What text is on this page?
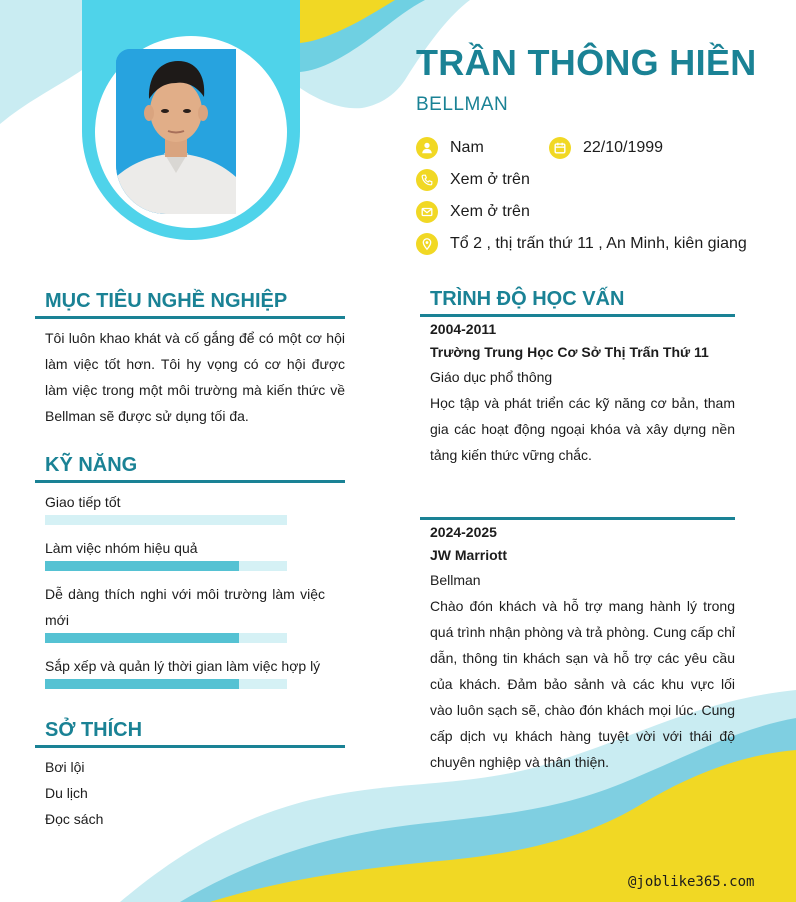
TRẦN THÔNG HIỀN
BELLMAN
Nam	22/10/1999
Xem ở trên
Xem ở trên
Tổ 2 , thị trấn thứ 11 , An Minh, kiên giang
MỤC TIÊU NGHỀ NGHIỆP

Tôi luôn khao khát và cố gắng để có một cơ hội làm việc tốt hơn. Tôi hy vọng có cơ hội được làm việc trong một môi trường mà kiến thức về Bellman sẽ được sử dụng tối đa.

KỸ NĂNG
Giao tiếp tốt
Làm việc nhóm hiệu quả
Dễ dàng thích nghi với môi trường làm việc mới
Sắp xếp và quản lý thời gian làm việc hợp lý
SỞ THÍCH
Bơi lội
Du lịch
Đọc sách
TRÌNH ĐỘ HỌC VẤN
2004-2011
Trường Trung Học Cơ Sở Thị Trấn Thứ 11
Giáo dục phổ thông

Học tập và phát triển các kỹ năng cơ bản, tham gia các hoạt động ngoại khóa và xây dựng nền tảng kiến thức vững chắc.

2024-2025
JW Marriott
Bellman

Chào đón khách và hỗ trợ mang hành lý trong quá trình nhận phòng và trả phòng. Cung cấp chỉ dẫn, thông tin khách sạn và hỗ trợ các yêu cầu của khách. Đảm bảo sảnh và các khu vực lối vào luôn sạch sẽ, chào đón khách mọi lúc. Cung cấp dịch vụ khách hàng tuyệt vời với thái độ chuyên nghiệp và thân thiện.

@joblike365.com
